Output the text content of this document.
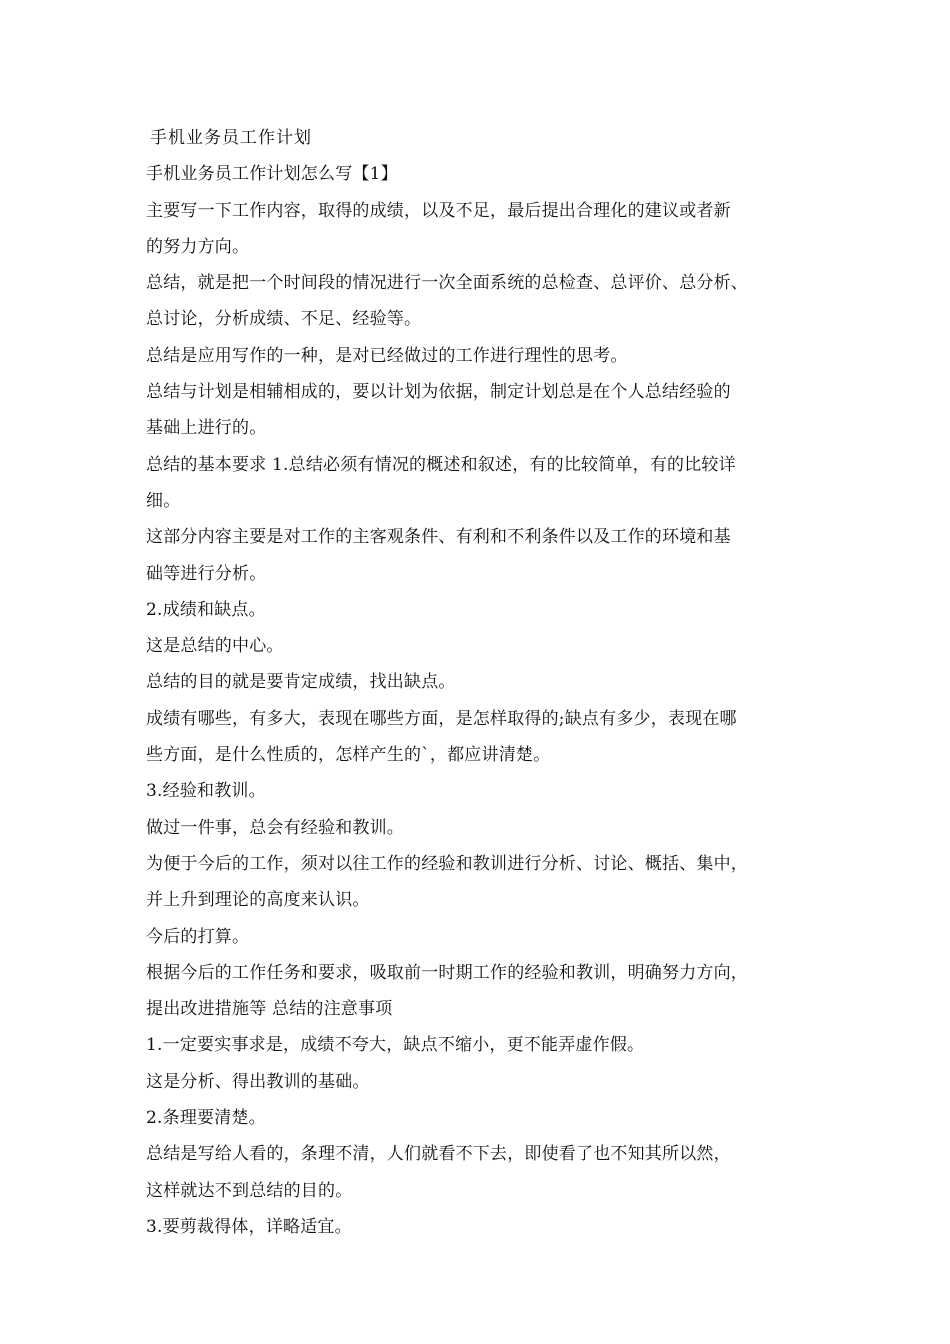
手机业务员工作计划
手机业务员工作计划怎么写【1】
主要写一下工作内容，取得的成绩，以及不足，最后提出合理化的建议或者新
的努力方向。
总结，就是把一个时间段的情况进行一次全面系统的总检查、总评价、总分析、
总讨论，分析成绩、不足、经验等。
总结是应用写作的一种，是对已经做过的工作进行理性的思考。
总结与计划是相辅相成的，要以计划为依据，制定计划总是在个人总结经验的
基础上进行的。
总结的基本要求 1.总结必须有情况的概述和叙述，有的比较简单，有的比较详
细。
这部分内容主要是对工作的主客观条件、有利和不利条件以及工作的环境和基
础等进行分析。
2.成绩和缺点。
这是总结的中心。
总结的目的就是要肯定成绩，找出缺点。
成绩有哪些，有多大，表现在哪些方面，是怎样取得的;缺点有多少，表现在哪
些方面，是什么性质的，怎样产生的`，都应讲清楚。
3.经验和教训。
做过一件事，总会有经验和教训。
为便于今后的工作，须对以往工作的经验和教训进行分析、讨论、概括、集中，
并上升到理论的高度来认识。
今后的打算。
根据今后的工作任务和要求，吸取前一时期工作的经验和教训，明确努力方向，
提出改进措施等 总结的注意事项
1.一定要实事求是，成绩不夸大，缺点不缩小，更不能弄虚作假。
这是分析、得出教训的基础。
2.条理要清楚。
总结是写给人看的，条理不清，人们就看不下去，即使看了也不知其所以然，
这样就达不到总结的目的。
3.要剪裁得体，详略适宜。
